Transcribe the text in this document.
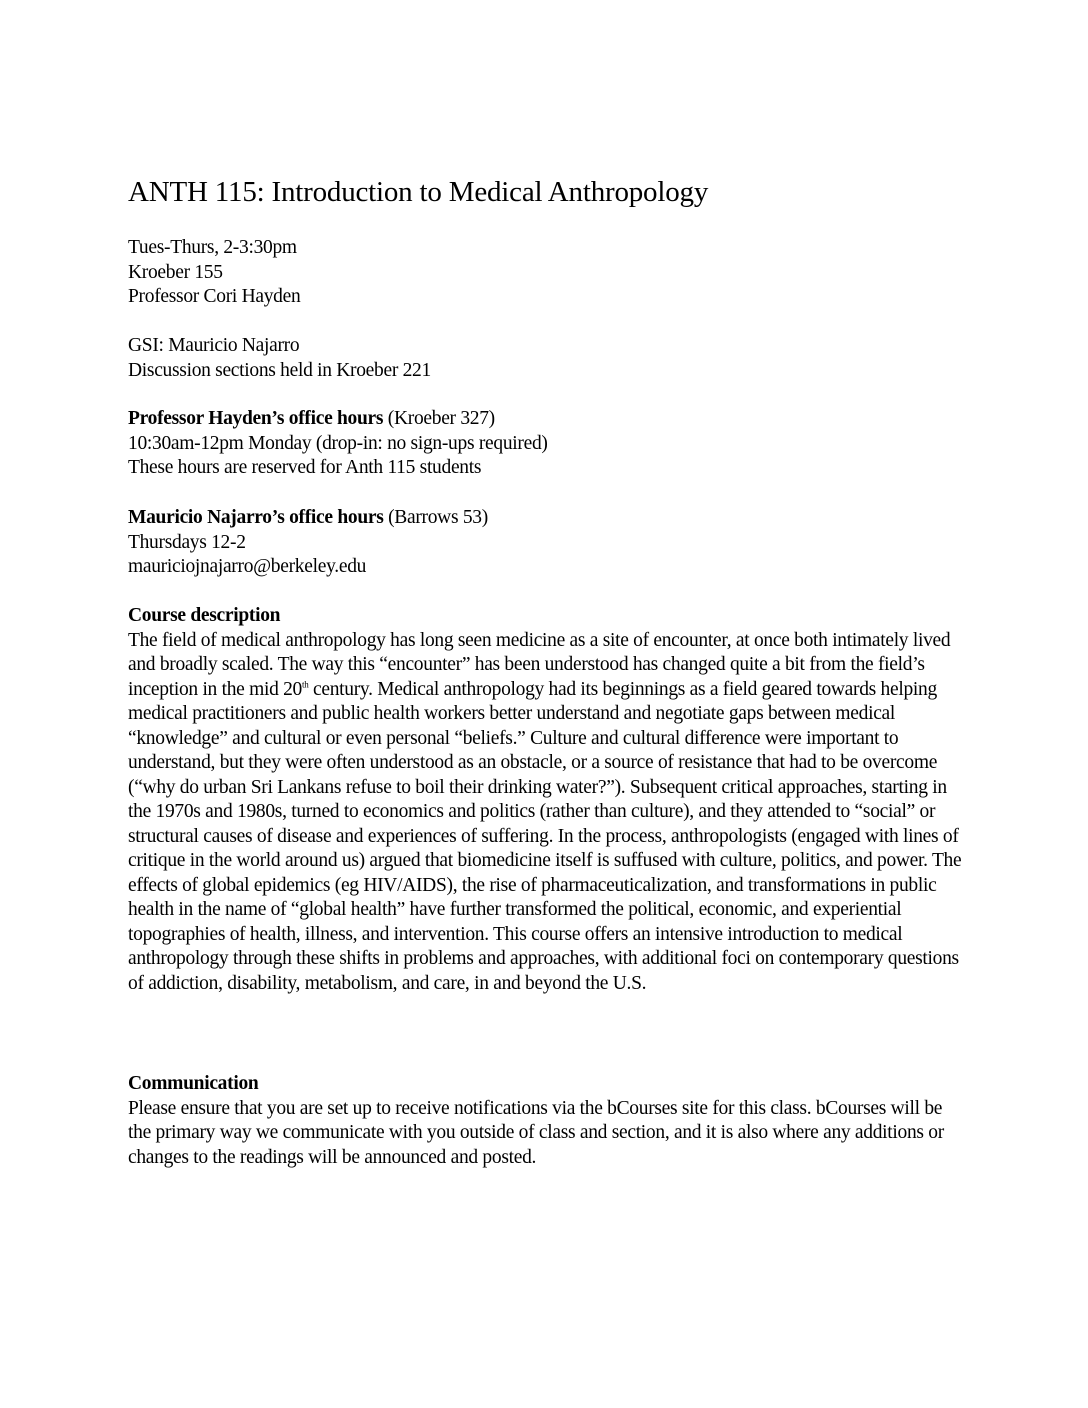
ANTH 115: Introduction to Medical Anthropology
Tues-Thurs, 2-3:30pm
Kroeber 155
Professor Cori Hayden
GSI: Mauricio Najarro
Discussion sections held in Kroeber 221
Professor Hayden’s office hours (Kroeber 327)
10:30am-12pm Monday (drop-in: no sign-ups required)
These hours are reserved for Anth 115 students
Mauricio Najarro’s office hours (Barrows 53)
Thursdays 12-2
mauriciojnajarro@berkeley.edu
Course description
The field of medical anthropology has long seen medicine as a site of encounter, at once both intimately lived and broadly scaled. The way this “encounter” has been understood has changed quite a bit from the field’s inception in the mid 20th century. Medical anthropology had its beginnings as a field geared towards helping medical practitioners and public health workers better understand and negotiate gaps between medical “knowledge” and cultural or even personal “beliefs.” Culture and cultural difference were important to understand, but they were often understood as an obstacle, or a source of resistance that had to be overcome (“why do urban Sri Lankans refuse to boil their drinking water?”). Subsequent critical approaches, starting in the 1970s and 1980s, turned to economics and politics (rather than culture), and they attended to “social” or structural causes of disease and experiences of suffering. In the process, anthropologists (engaged with lines of critique in the world around us) argued that biomedicine itself is suffused with culture, politics, and power. The effects of global epidemics (eg HIV/AIDS), the rise of pharmaceuticalization, and transformations in public health in the name of “global health” have further transformed the political, economic, and experiential topographies of health, illness, and intervention. This course offers an intensive introduction to medical anthropology through these shifts in problems and approaches, with additional foci on contemporary questions of addiction, disability, metabolism, and care, in and beyond the U.S.
Communication
Please ensure that you are set up to receive notifications via the bCourses site for this class. bCourses will be the primary way we communicate with you outside of class and section, and it is also where any additions or changes to the readings will be announced and posted.
